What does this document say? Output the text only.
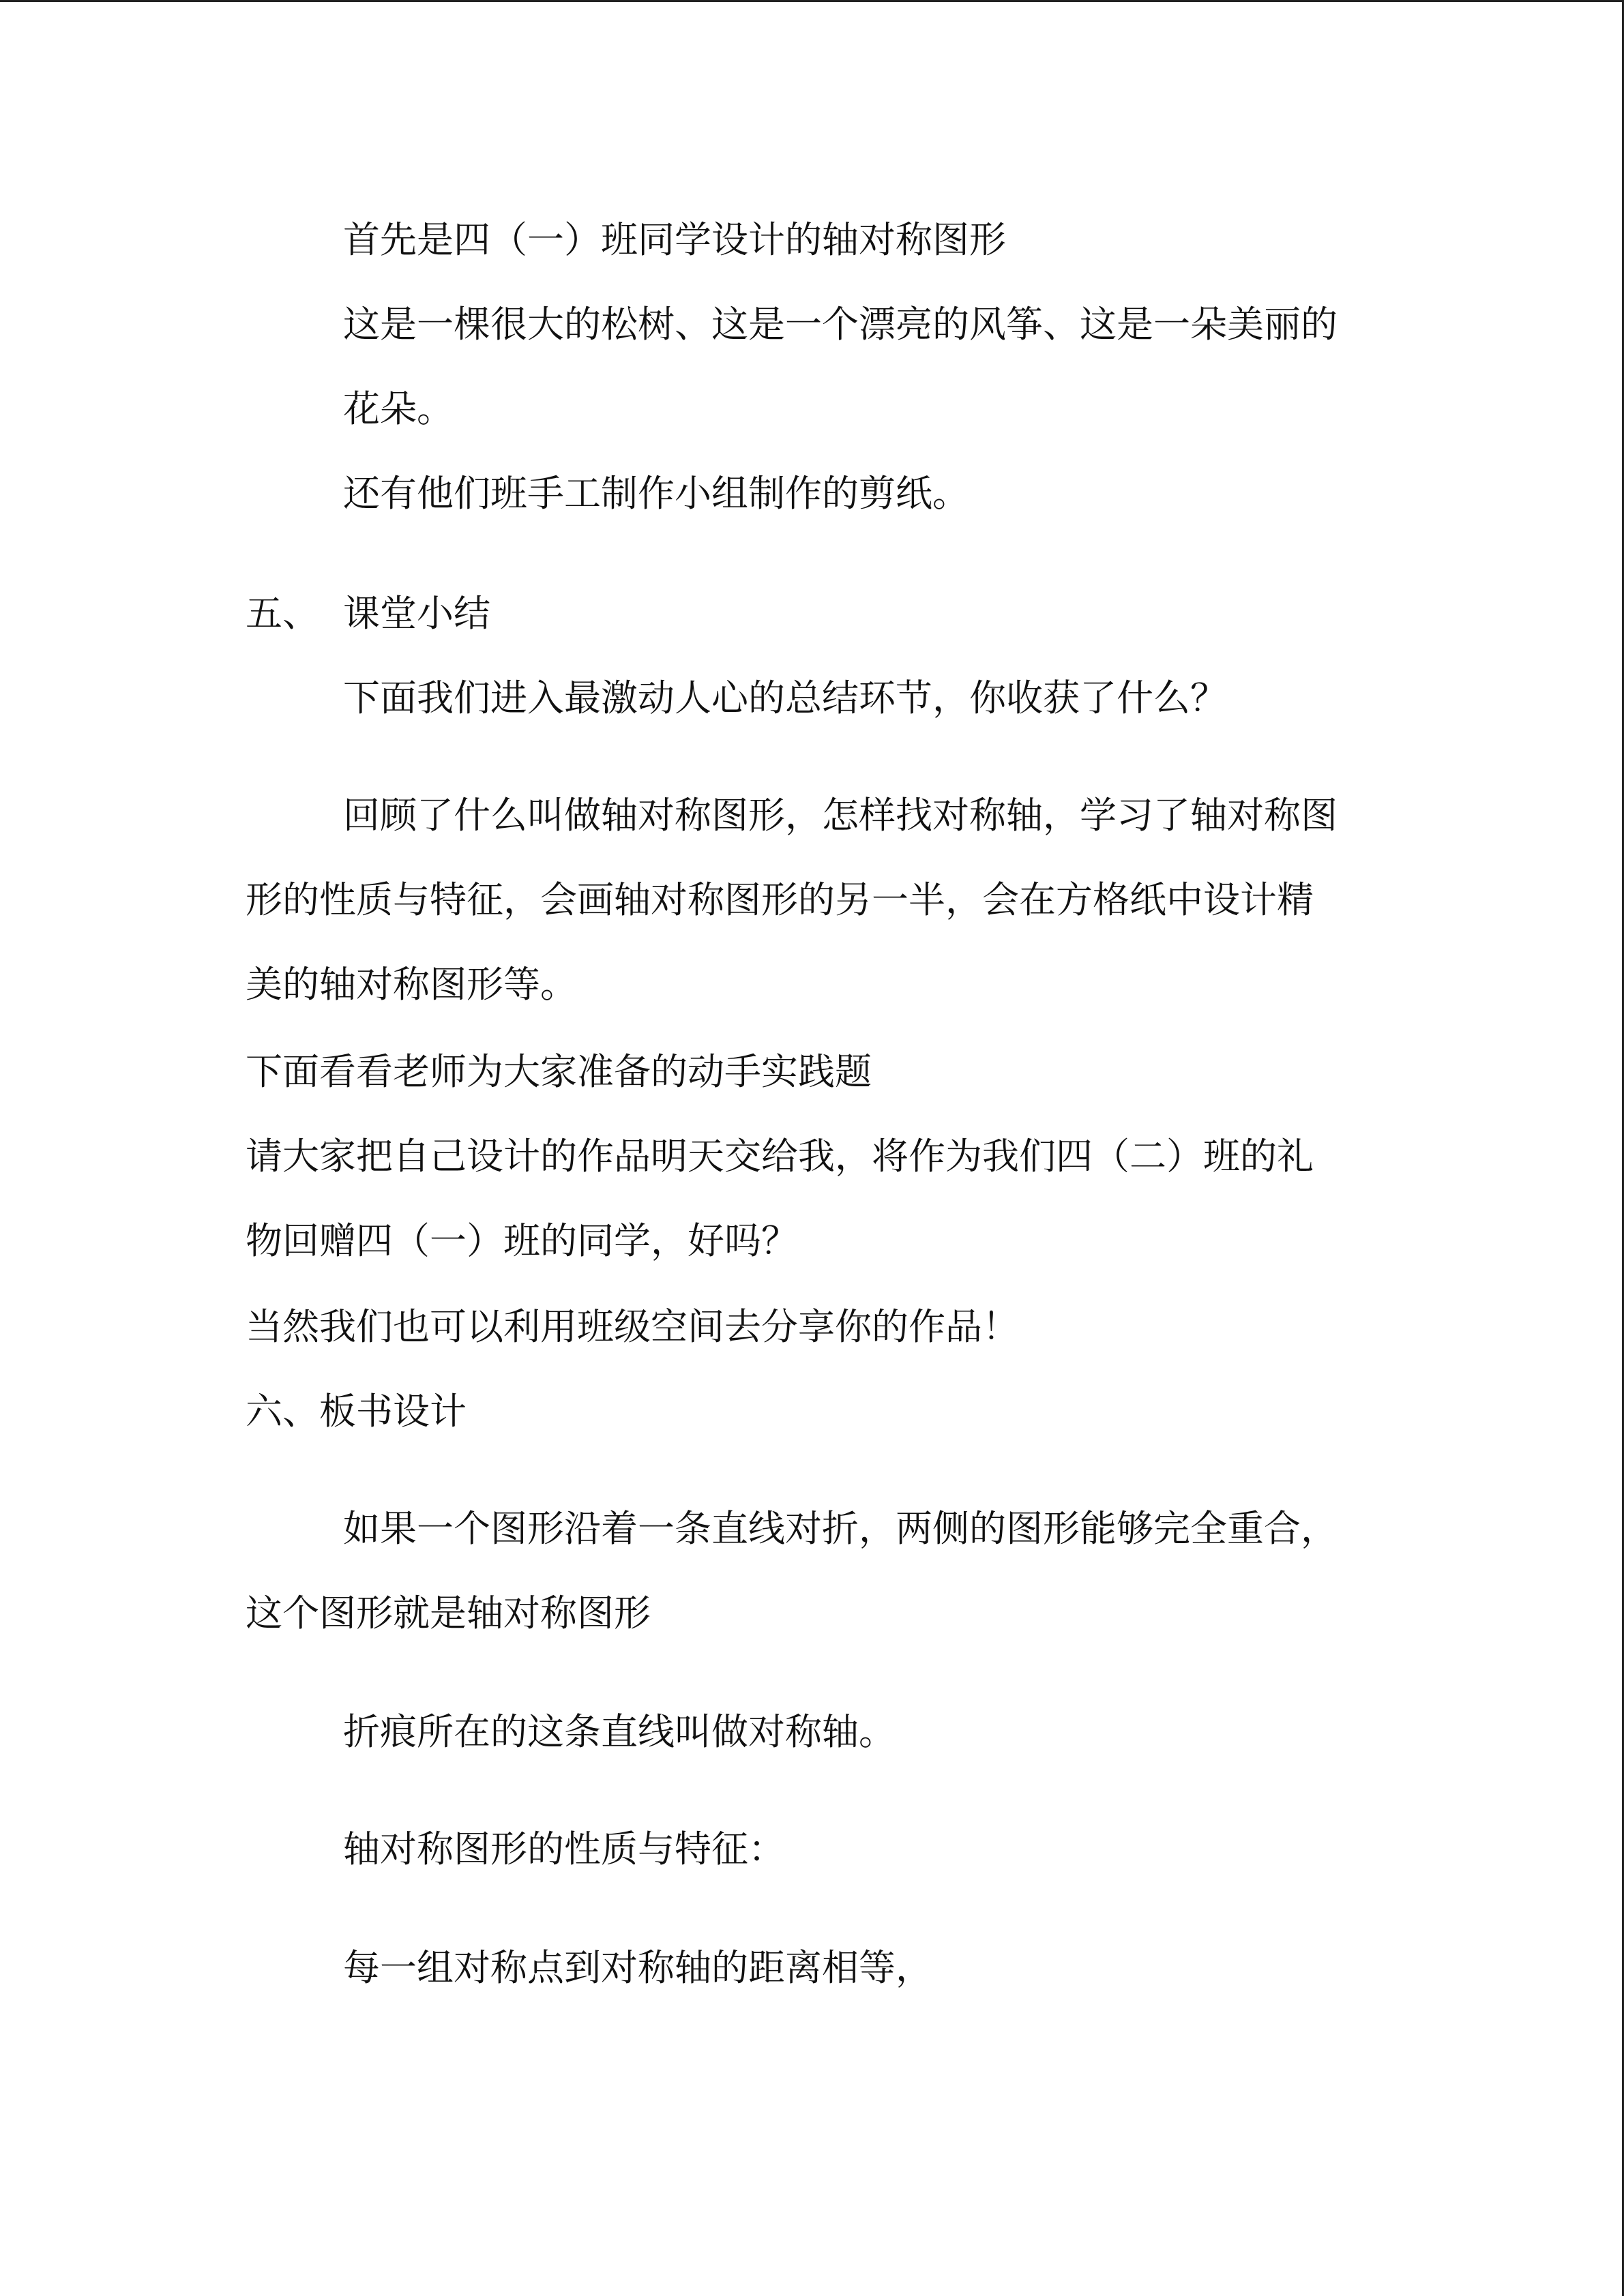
首先是四（一）班同学设计的轴对称图形
这是一棵很大的松树、这是一个漂亮的风筝、这是一朵美丽的
花朵。
还有他们班手工制作小组制作的剪纸。
五、 课堂小结
下面我们进入最激动人心的总结环节，你收获了什么？
回顾了什么叫做轴对称图形，怎样找对称轴，学习了轴对称图
形的性质与特征，会画轴对称图形的另一半，会在方格纸中设计精
美的轴对称图形等。
下面看看老师为大家准备的动手实践题
请大家把自己设计的作品明天交给我，将作为我们四（二）班的礼
物回赠四（一）班的同学，好吗？
当然我们也可以利用班级空间去分享你的作品！
六、板书设计
如果一个图形沿着一条直线对折，两侧的图形能够完全重合，
这个图形就是轴对称图形
折痕所在的这条直线叫做对称轴。
轴对称图形的性质与特征：
每一组对称点到对称轴的距离相等，
